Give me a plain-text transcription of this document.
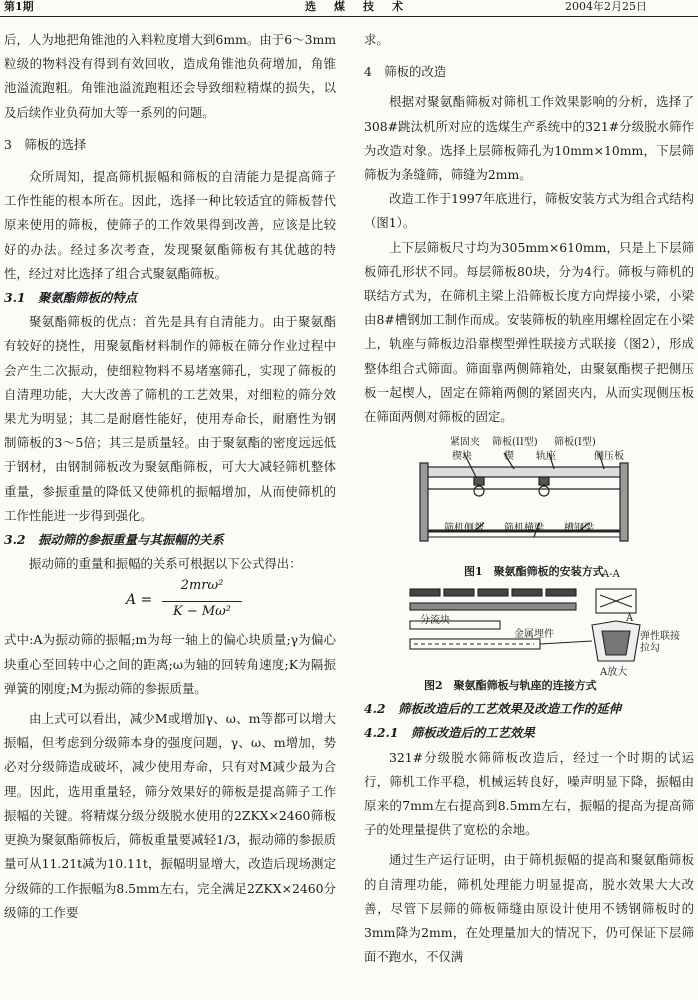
第1期	选煤技术	2004年2月25日

后，人为地把角锥池的入料粒度增大到6mm。由于6～3mm粒级的物料没有得到有效回收，造成角锥池负荷增加，角锥池溢流跑粗。角锥池溢流跑粗还会导致细粒精煤的损失，以及后续作业负荷加大等一系列的问题。

3　筛板的选择

众所周知，提高筛机振幅和筛板的自清能力是提高筛子工作性能的根本所在。因此，选择一种比较适宜的筛板替代原来使用的筛板，使筛子的工作效果得到改善，应该是比较好的办法。经过多次考查，发现聚氨酯筛板有其优越的特性，经过对比选择了组合式聚氨酯筛板。

3.1　聚氨酯筛板的特点

聚氨酯筛板的优点：首先是具有自清能力。由于聚氨酯有较好的挠性，用聚氨酯材料制作的筛板在筛分作业过程中会产生二次振动，使细粒物料不易堵塞筛孔，实现了筛板的自清理功能，大大改善了筛机的工艺效果，对细粒的筛分效果尤为明显；其二是耐磨性能好，使用寿命长，耐磨性为钢制筛板的3～5倍；其三是质量轻。由于聚氨酯的密度远远低于钢材，由钢制筛板改为聚氨酯筛板，可大大减轻筛机整体重量，参振重量的降低又使筛机的振幅增加，从而使筛机的工作性能进一步得到强化。

3.2　振动筛的参振重量与其振幅的关系

振动筛的重量和振幅的关系可根据以下公式得出：

A =
2mrω²
K − Mω²

式中:A为振动筛的振幅;m为每一轴上的偏心块质量;γ为偏心块重心至回转中心之间的距离;ω为轴的回转角速度;K为隔振弹簧的刚度;M为振动筛的参振质量。

由上式可以看出，减少M或增加γ、ω、m等都可以增大振幅，但考虑到分级筛本身的强度问题，γ、ω、m增加，势必对分级筛造成破坏，减少使用寿命，只有对M减少最为合理。因此，选用重量轻，筛分效果好的筛板是提高筛子工作振幅的关键。将精煤分级分级脱水使用的2ZKX×2460筛板更换为聚氨酯筛板后，筛板重量要减轻1/3，振动筛的参振质量可从11.21t减为10.11t，振幅明显增大，改造后现场测定分级筛的工作振幅为8.5mm左右，完全满足2ZKX×2460分级筛的工作要

求。

4　筛板的改造

根据对聚氨酯筛板对筛机工作效果影响的分析，选择了308#跳汰机所对应的选煤生产系统中的321#分级脱水筛作为改造对象。选择上层筛板筛孔为10mm×10mm，下层筛筛板为条缝筛，筛缝为2mm。

改造工作于1997年底进行，筛板安装方式为组合式结构（图1）。

上下层筛板尺寸均为305mm×610mm，只是上下层筛板筛孔形状不同。每层筛板80块，分为4行。筛板与筛机的联结方式为，在筛机主梁上沿筛板长度方向焊接小梁，小梁由8#槽钢加工制作而成。安装筛板的轨座用螺栓固定在小梁上，轨座与筛板边沿靠楔型弹性联接方式联接（图2），形成整体组合式筛面。筛面靠两侧筛箱处，由聚氨酯楔子把侧压板一起楔人，固定在筛箱两侧的紧固夹内，从而实现侧压板在筛面两侧对筛板的固定。

紧固夹 筛板(II型) 筛板(I型)
楔块	楔 轨座	侧压板
筛机侧帮 筛机横梁 槽钢梁
图1　聚氨酯筛板的安装方式
A-A
A
分流块
弹性联接拉勾
金属埋件
A放大
图2　聚氨酯筛板与轨座的连接方式
4.2　筛板改造后的工艺效果及改造工作的延伸
4.2.1　筛板改造后的工艺效果

321#分级脱水筛筛板改造后，经过一个时期的试运行，筛机工作平稳，机械运转良好，噪声明显下降，振幅由原来的7mm左右提高到8.5mm左右，振幅的提高为提高筛子的处理量提供了宽松的余地。

通过生产运行证明，由于筛机振幅的提高和聚氨酯筛板的自清理功能，筛机处理能力明显提高，脱水效果大大改善，尽管下层筛的筛板筛缝由原设计使用不锈钢筛板时的3mm降为2mm，在处理量加大的情况下，仍可保证下层筛面不跑水，不仅满
